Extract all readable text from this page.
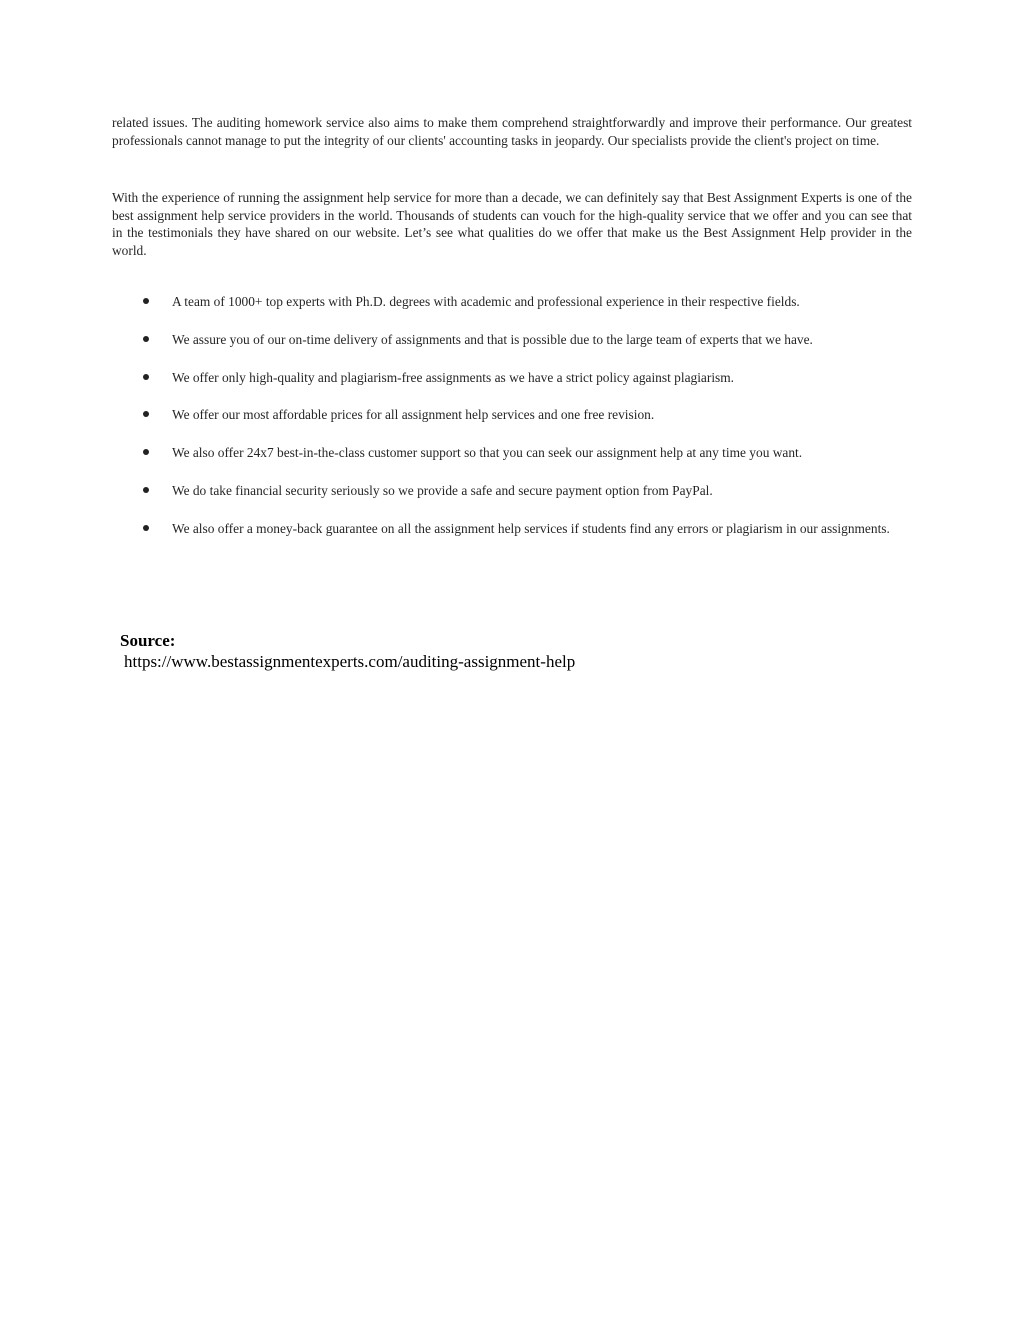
related issues. The auditing homework service also aims to make them comprehend straightforwardly and improve their performance. Our greatest professionals cannot manage to put the integrity of our clients' accounting tasks in jeopardy. Our specialists provide the client's project on time.

With the experience of running the assignment help service for more than a decade, we can definitely say that Best Assignment Experts is one of the best assignment help service providers in the world. Thousands of students can vouch for the high-quality service that we offer and you can see that in the testimonials they have shared on our website. Let’s see what qualities do we offer that make us the Best Assignment Help provider in the world.

A team of 1000+ top experts with Ph.D. degrees with academic and professional experience in their respective fields.
We assure you of our on-time delivery of assignments and that is possible due to the large team of experts that we have.
We offer only high-quality and plagiarism-free assignments as we have a strict policy against plagiarism.
We offer our most affordable prices for all assignment help services and one free revision.
We also offer 24x7 best-in-the-class customer support so that you can seek our assignment help at any time you want.
We do take financial security seriously so we provide a safe and secure payment option from PayPal.
We also offer a money-back guarantee on all the assignment help services if students find any errors or plagiarism in our assignments.

Source:

https://www.bestassignmentexperts.com/auditing-assignment-help
